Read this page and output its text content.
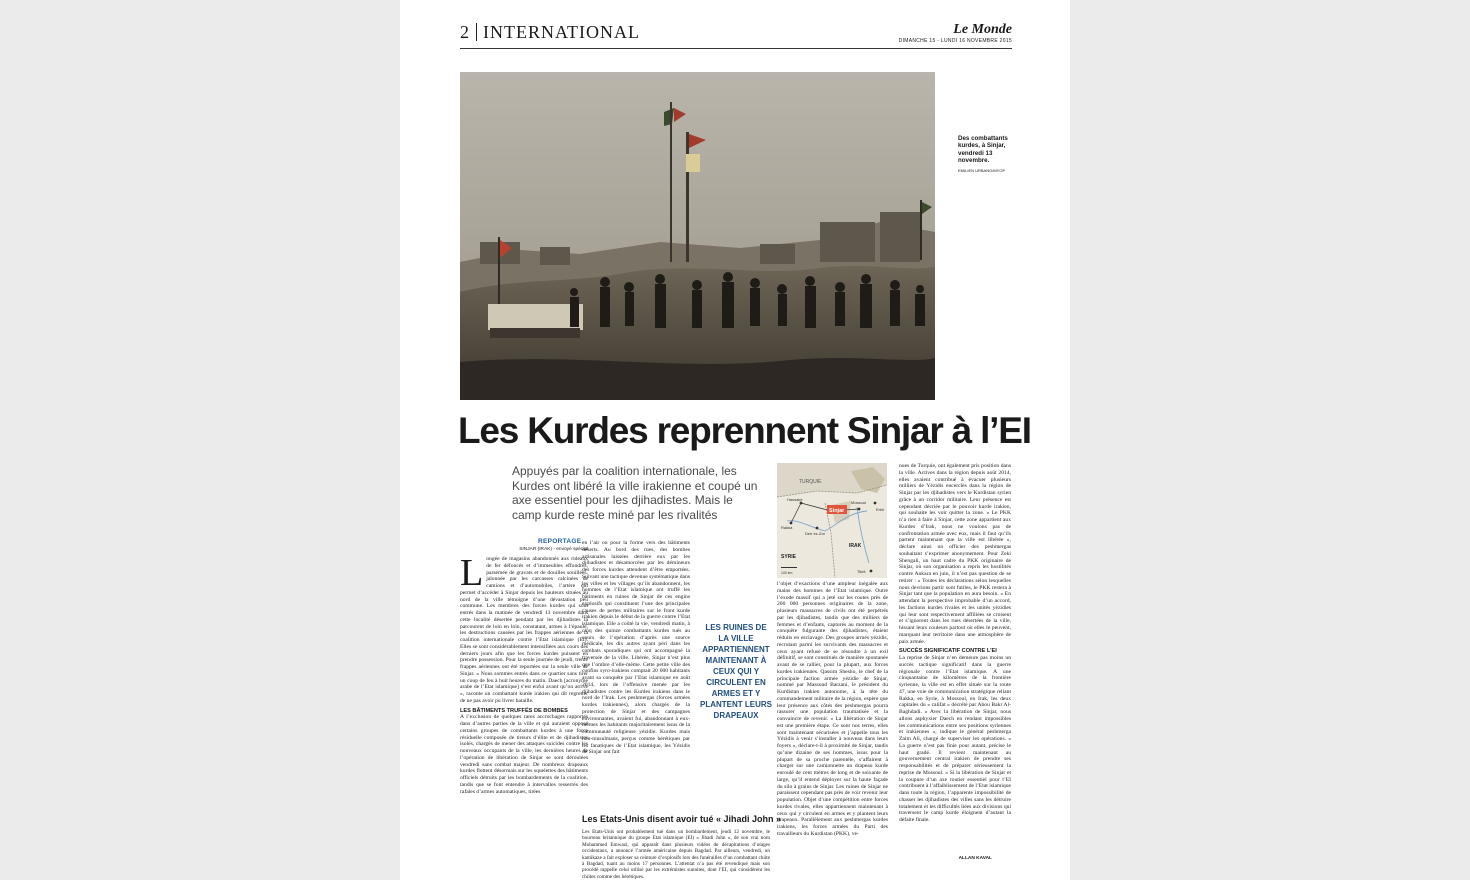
2 INTERNATIONAL	Le Monde
DIMANCHE 15 - LUNDI 16 NOVEMBRE 2015
Des combattants kurdes, à Sinjar, vendredi 13 novembre.
EMILIEN URBANO/MYOP
Les Kurdes reprennent Sinjar à l’EI
Appuyés par la coalition internationale, les Kurdes ont libéré la ville irakienne et coupé un axe essentiel pour les djihadistes. Mais le camp kurde reste miné par les rivalités
TURQUIE
Sinjar
Mossoul
Hassaké
Rakka
Deir ez-Zor
SYRIE
IRAK
Erbil
Tikrit
100 km
REPORTAGE
SINJAR (IRAK) - envoyé spécial
L ongée de magasins abandonnés aux rideaux de fer défoncés et d’immeubles effondrés, parsemée de gravats et de douilles souillées, jalonnée par les carcasses calcinées de camions et d’automobiles, l’artère qui permet d’accéder à Sinjar depuis les hauteurs situées au nord de la ville témoigne d’une dévastation peu commune. Les membres des forces kurdes qui sont entrés dans la matinée de vendredi 13 novembre dans cette localité désertée pendant par les djihadistes la parcourent de loin en loin, constatant, armes à l’épaule, les destructions causées par les frappes aériennes de la coalition internationale contre l’Etat islamique (EI). Elles se sont considérablement intensifiées aux cours des derniers jours afin que les forces kurdes puissent en prendre possession. Pour la seule journée de jeudi, trente frappes aériennes ont été reportées sur la seule ville de Sinjar. « Nous sommes entrés dans ce quartier sans tirer un coup de feu à huit heures du matin. Daech [acronyme arabe de l’Etat islamique] s’est enfui avant qu’on arrive », raconte un combattant kurde irakien qui dit regretter de ne pas avoir pu livrer bataille.
LES BÂTIMENTS TRUFFÉS DE BOMBES
A l’exclusion de quelques rares accrochages rapportés dans d’autres parties de la ville et qui auraient opposé certains groupes de combattants kurdes à une force résiduelle composée de tireurs d’élite et de djihadistes isolés, chargés de mener des attaques suicides contre les nouveaux occupants de la ville, les dernières heures de l’opération de libération de Sinjar se sont déroulées vendredi sans combat majeur. De nombreux drapeaux kurdes flottent désormais sur les squelettes des bâtiments officiels détruits par les bombardements de la coalition, tandis que se font entendre à intervalles resserrés des rafales d’armes automatiques, tirées
en l’air ou pour la forme vers des bâtiments déserts. Au bord des rues, des bombes artisanales laissées derrière eux par les djihadistes et désamorcées par les démineurs des forces kurdes attendent d’être emportées. Suivant une tactique devenue systématique dans les villes et les villages qu’ils abandonnent, les hommes de l’Etat islamique ont truffé les bâtiments en ruines de Sinjar de ces engins explosifs qui constituent l’une des principales causes de pertes militaires sur le front kurde irakien depuis le début de la guerre contre l’Etat islamique. Elle a coûté la vie, vendredi matin, à cinq des quinze combattants kurdes tués au cours de l’opération d’après une source médicale, les dix autres ayant péri dans les combats sporadiques qui ont accompagné la traversée de la ville. Libérée, Sinjar n’est plus que l’ombre d’elle-même. Cette petite ville des confins syro-irakiens comptait 20 000 habitants avant sa conquête par l’Etat islamique en août 2014, lors de l’offensive menée par les djihadistes contre les Kurdes irakiens dans le nord de l’Irak. Les peshmergas (forces armées kurdes irakiennes), alors chargés de la protection de Sinjar et des campagnes environnantes, avaient fui, abandonnant à eux-mêmes les habitants majoritairement issus de la communauté religieuse yézidie. Kurdes mais non-musulmans, perçus comme hérétiques par les fanatiques de l’Etat islamique, les Yézidis de Sinjar ont fait
LES RUINES DE LA VILLE APPARTIENNENT MAINTENANT À CEUX QUI Y CIRCULENT EN ARMES ET Y PLANTENT LEURS DRAPEAUX
l’objet d’exactions d’une ampleur inégalée aux mains des hommes de l’Etat islamique. Outre l’exode massif qui a jeté sur les routes près de 200 000 personnes originaires de la zone, plusieurs massacres de civils ont été perpétrés par les djihadistes, tandis que des milliers de femmes et d’enfants, capturés au moment de la conquête fulgurante des djihadistes, étaient réduits en esclavage. Des groupes armés yézidis, recrutant parmi les survivants des massacres et ceux ayant refusé de se résoudre à un exil définitif, se sont constitués de manière spontanée avant de se rallier, pour la plupart, aux forces kurdes irakiennes. Qassim Shesho, le chef de la principale faction armée yézidie de Sinjar, nommé par Massoud Barzani, le président du Kurdistan irakien autonome, à la tête du commandement militaire de la région, espère que leur présence aux côtés des peshmergas pourra rassurer une population traumatisée et la convaincre de revenir. « La libération de Sinjar est une première étape. Ce sont nos terres, elles sont maintenant sécurisées et j’appelle tous les Yézidis à venir s’installer à nouveau dans leurs foyers », déclare-t-il à proximité de Sinjar, tandis qu’une dizaine de ses hommes, issus pour la plupart de sa proche parentèle, s’affairent à charger sur une camionnette un drapeau kurde enroulé de cent mètres de long et de soixante de large, qu’il entend déployer sur la haute façade du silo à grains de Sinjar. Les ruines de Sinjar ne paraissent cependant pas près de voir revenir leur population. Objet d’une compétition entre forces kurdes rivales, elles appartiennent maintenant à ceux qui y circulent en armes et y plantent leurs drapeaux. Parallèlement aux peshmergas kurdes irakiens, les forces armées du Parti des travailleurs du Kurdistan (PKK), ve-
nues de Turquie, ont également pris position dans la ville. Actives dans la région depuis août 2014, elles avaient contribué à évacuer plusieurs milliers de Yézidis encerclés dans la région de Sinjar par les djihadistes vers le Kurdistan syrien grâce à un corridor militaire. Leur présence est cependant décriée par le pouvoir kurde irakien, qui souhaite les voir quitter la zone. « Le PKK n’a rien à faire à Sinjar, cette zone appartient aux Kurdes d’Irak, nous ne voulons pas de confrontation armée avec eux, mais il faut qu’ils partent maintenant que la ville est libérée », déclare ainsi un officier des peshmergas souhaitant s’exprimer anonymement. Pour Zeki Shengali, un haut cadre du PKK originaire de Sinjar, où son organisation a repris les hostilités contre Ankara en juin, il n’est pas question de se retirer : « Toutes les déclarations selon lesquelles nous devrions partir sont futiles, le PKK restera à Sinjar tant que la population en aura besoin. » En attendant la perspective improbable d’un accord, les factions kurdes rivales et les unités yézidies qui leur sont respectivement affiliées se croisent et s’ignorent dans les rues désertées de la ville, hissant leurs couleurs partout où elles le peuvent, marquant leur territoire dans une atmosphère de paix armée.
SUCCÈS SIGNIFICATIF CONTRE L’EI
La reprise de Sinjar n’en demeure pas moins un succès tactique significatif dans la guerre régionale contre l’Etat islamique. A une cinquantaine de kilomètres de la frontière syrienne, la ville est en effet située sur la route 47, une voie de communication stratégique reliant Rakka, en Syrie, à Mossoul, en Irak, les deux capitales du « califat » décrété par Abou Bakr Al-Baghdadi. « Avec la libération de Sinjar, nous allons asphyxier Daech en rendant impossibles les communications entre ses positions syriennes et irakiennes », indique le général peshmerga Zaim Ali, chargé de superviser les opérations. « La guerre n’est pas finie pour autant, précise le haut gradé. Il revient maintenant au gouvernement central irakien de prendre ses responsabilités et de préparer sérieusement la reprise de Mossoul. » Si la libération de Sinjar et la coupure d’un axe routier essentiel pour l’EI contribuent à l’affaiblissement de l’Etat islamique dans toute la région, l’apparente impossibilité de chasser les djihadistes des villes sans les détruire totalement et les difficultés liées aux divisions qui traversent le camp kurde éloignent d’autant la défaite finale.
Les Etats-Unis disent avoir tué « Jihadi John »
Les Etats-Unis ont probablement tué dans un bombardement, jeudi 12 novembre, le bourreau britannique du groupe Etat islamique (EI) « Jihadi John », de son vrai nom Mohammed Emwazi, qui apparaît dans plusieurs vidéos de décapitations d’otages occidentaux, a annoncé l’armée américaine depuis Bagdad. Par ailleurs, vendredi, un kamikaze a fait exploser sa ceinture d’explosifs lors des funérailles d’un combattant chiite à Bagdad, tuant au moins 17 personnes. L’attentat n’a pas été revendiqué mais son procédé rappelle celui utilisé par les extrémistes sunnites, dont l’EI, qui considèrent les chiites comme des hérétiques.
ALLAN KAVAL
